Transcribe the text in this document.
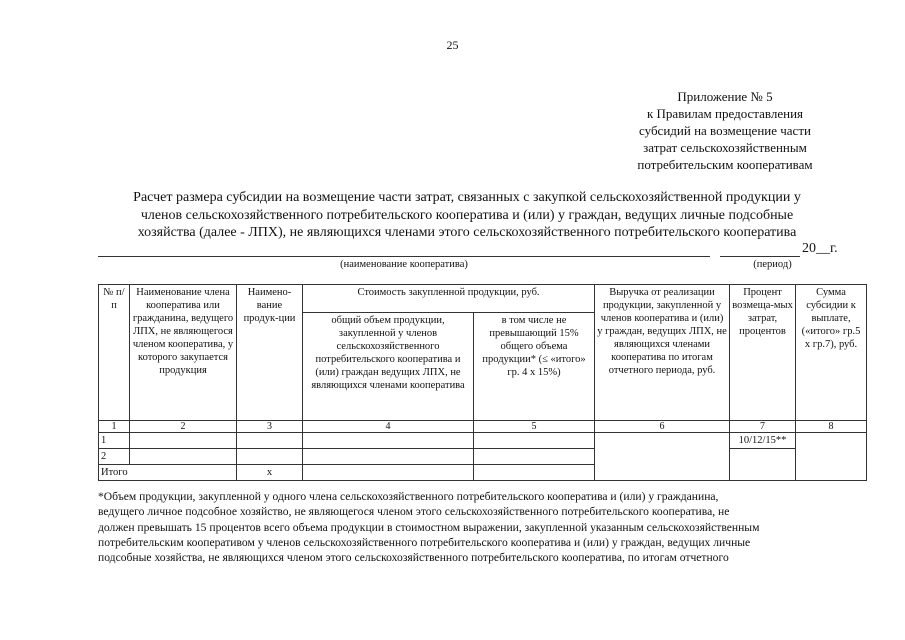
25
Приложение № 5
к Правилам предоставления
субсидий на возмещение части
затрат сельскохозяйственным
потребительским кооперативам
Расчет размера субсидии на возмещение части затрат, связанных с закупкой сельскохозяйственной продукции у
членов сельскохозяйственного потребительского кооператива и (или) у граждан, ведущих личные подсобные
хозяйства (далее - ЛПХ), не являющихся членами этого сельскохозяйственного потребительского кооператива
20__г.
(наименование кооператива)	(период)
№ п/п	Наименование члена кооператива или гражданина, ведущего ЛПХ, не являющегося членом кооператива, у которого закупается продукция	Наимено-вание продук-ции	Стоимость закупленной продукции, руб.		Выручка от реализации продукции, закупленной у членов кооператива и (или) у граждан, ведущих ЛПХ, не являющихся членами кооператива по итогам отчетного периода, руб.	Процент возмеща-мых затрат, процентов	Сумма субсидии к выплате, («итого» гр.5 х гр.7), руб.
			общий объем продукции, закупленной у членов сельскохозяйственного потребительского кооператива и (или) граждан ведущих ЛПХ, не являющихся членами кооператива	в том числе не превышающий 15% общего объема продукции* (≤ «итого» гр. 4 х 15%)			
1	2	3	4	5	6	7	8
1						10/12/15**	
2							
Итого		x					
*Объем продукции, закупленной у одного члена сельскохозяйственного потребительского кооператива и (или) у гражданина,
ведущего личное подсобное хозяйство, не являющегося членом этого сельскохозяйственного потребительского кооператива, не
должен превышать 15 процентов всего объема продукции в стоимостном выражении, закупленной указанным сельскохозяйственным
потребительским кооперативом у членов сельскохозяйственного потребительского кооператива и (или) у граждан, ведущих личные
подсобные хозяйства, не являющихся членом этого сельскохозяйственного потребительского кооператива, по итогам отчетного
